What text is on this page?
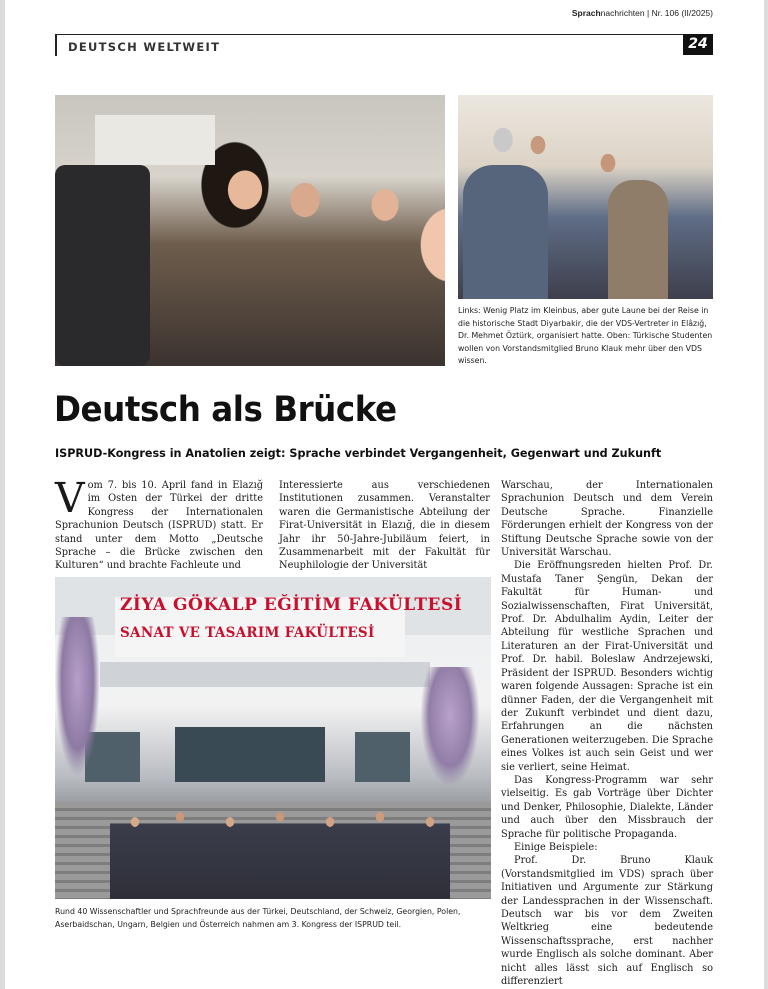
Sprachnachrichten | Nr. 106 (II/2025)
DEUTSCH WELTWEIT	24

Links: Wenig Platz im Kleinbus, aber gute Laune bei der Reise in die historische Stadt Diyarbakir, die der VDS-Vertreter in Elâzığ, Dr. Mehmet Öztürk, organisiert hatte. Oben: Türkische Studenten wollen von Vorstandsmitglied Bruno Klauk mehr über den VDS wissen.

Deutsch als Brücke
ISPRUD-Kongress in Anatolien zeigt: Sprache verbindet Vergangenheit, Gegenwart und Zukunft

Vom 7. bis 10. April fand in Elazığ im Osten der Türkei der dritte Kongress der Internationalen Sprachunion Deutsch (ISPRUD) statt. Er stand unter dem Motto „Deutsche Sprache – die Brücke zwischen den Kulturen“ und brachte Fachleute und

Interessierte aus verschiedenen Institutionen zusammen. Veranstalter waren die Germanistische Abteilung der Firat-Universität in Elazığ, die in diesem Jahr ihr 50-Jahre-Jubiläum feiert, in Zusammenarbeit mit der Fakultät für Neuphilologie der Universität

Warschau, der Internationalen Sprachunion Deutsch und dem Verein Deutsche Sprache. Finanzielle Förderungen erhielt der Kongress von der Stiftung Deutsche Sprache sowie von der Universität Warschau.

Die Eröffnungsreden hielten Prof. Dr. Mustafa Taner Şengün, Dekan der Fakultät für Human- und Sozialwissenschaften, Firat Universität, Prof. Dr. Abdulhalim Aydin, Leiter der Abteilung für westliche Sprachen und Literaturen an der Firat-Universität und Prof. Dr. habil. Boleslaw Andrzejewski, Präsident der ISPRUD. Besonders wichtig waren folgende Aussagen: Sprache ist ein dünner Faden, der die Vergangenheit mit der Zukunft verbindet und dient dazu, Erfahrungen an die nächsten Generationen weiterzugeben. Die Sprache eines Volkes ist auch sein Geist und wer sie verliert, seine Heimat.

Das Kongress-Programm war sehr vielseitig. Es gab Vorträge über Dichter und Denker, Philosophie, Dialekte, Länder und auch über den Missbrauch der Sprache für politische Propaganda.

Einige Beispiele:

Prof. Dr. Bruno Klauk (Vorstandsmitglied im VDS) sprach über Initiativen und Argumente zur Stärkung der Landessprachen in der Wissenschaft. Deutsch war bis vor dem Zweiten Weltkrieg eine bedeutende Wissenschaftssprache, erst nachher wurde Englisch als solche dominant. Aber nicht alles lässt sich auf Englisch so differenziert

ZİYA GÖKALP EĞİTİM FAKÜLTESİ
SANAT VE TASARIM FAKÜLTESİ

Rund 40 Wissenschaftler und Sprachfreunde aus der Türkei, Deutschland, der Schweiz, Georgien, Polen, Aserbaidschan, Ungarn, Belgien und Österreich nahmen am 3. Kongress der ISPRUD teil.
